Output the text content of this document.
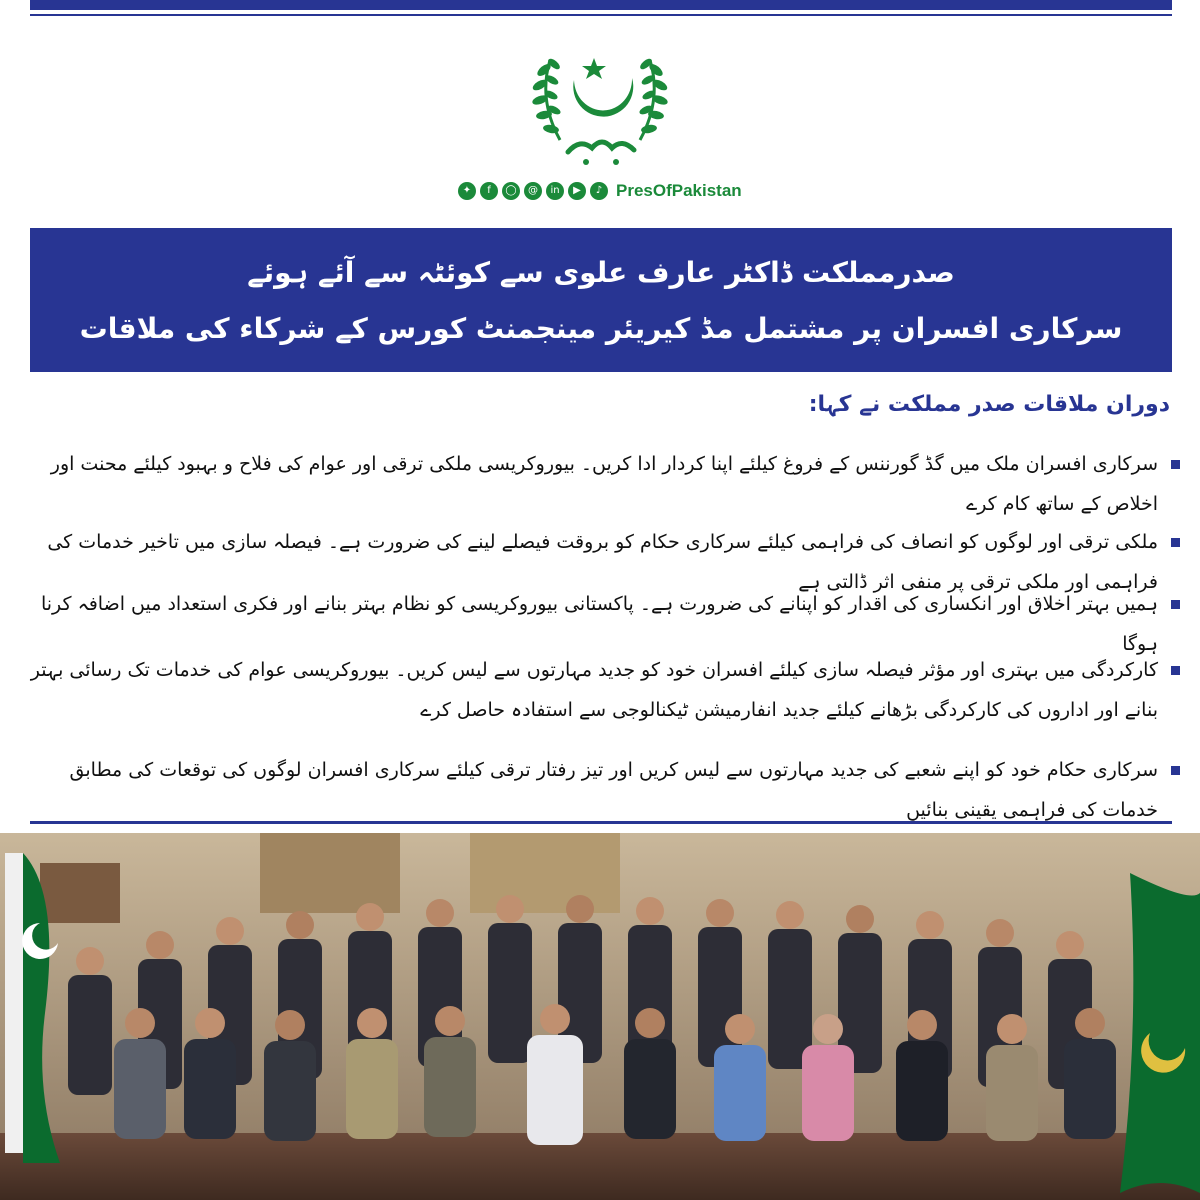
✦	f	◯	@	in	▶	♪ PresOfPakistan
صدرمملکت ڈاکٹر عارف علوی سے کوئٹہ سے آئے ہوئے
سرکاری افسران پر مشتمل مڈ کیریئر مینجمنٹ کورس کے شرکاء کی ملاقات
دوران ملاقات صدر مملکت نے کہا:
سرکاری افسران ملک میں گڈ گورننس کے فروغ کیلئے اپنا کردار ادا کریں۔ بیوروکریسی ملکی ترقی اور عوام کی فلاح و بہبود کیلئے محنت اور اخلاص کے ساتھ کام کرے
ملکی ترقی اور لوگوں کو انصاف کی فراہمی کیلئے سرکاری حکام کو بروقت فیصلے لینے کی ضرورت ہے۔ فیصلہ سازی میں تاخیر خدمات کی فراہمی اور ملکی ترقی پر منفی اثر ڈالتی ہے
ہمیں بہتر اخلاق اور انکساری کی اقدار کو اپنانے کی ضرورت ہے۔ پاکستانی بیوروکریسی کو نظام بہتر بنانے اور فکری استعداد میں اضافہ کرنا ہوگا
کارکردگی میں بہتری اور مؤثر فیصلہ سازی کیلئے افسران خود کو جدید مہارتوں سے لیس کریں۔ بیوروکریسی عوام کی خدمات تک رسائی بہتر بنانے اور اداروں کی کارکردگی بڑھانے کیلئے جدید انفارمیشن ٹیکنالوجی سے استفادہ حاصل کرے
سرکاری حکام خود کو اپنے شعبے کی جدید مہارتوں سے لیس کریں اور تیز رفتار ترقی کیلئے سرکاری افسران لوگوں کی توقعات کی مطابق خدمات کی فراہمی یقینی بنائیں
